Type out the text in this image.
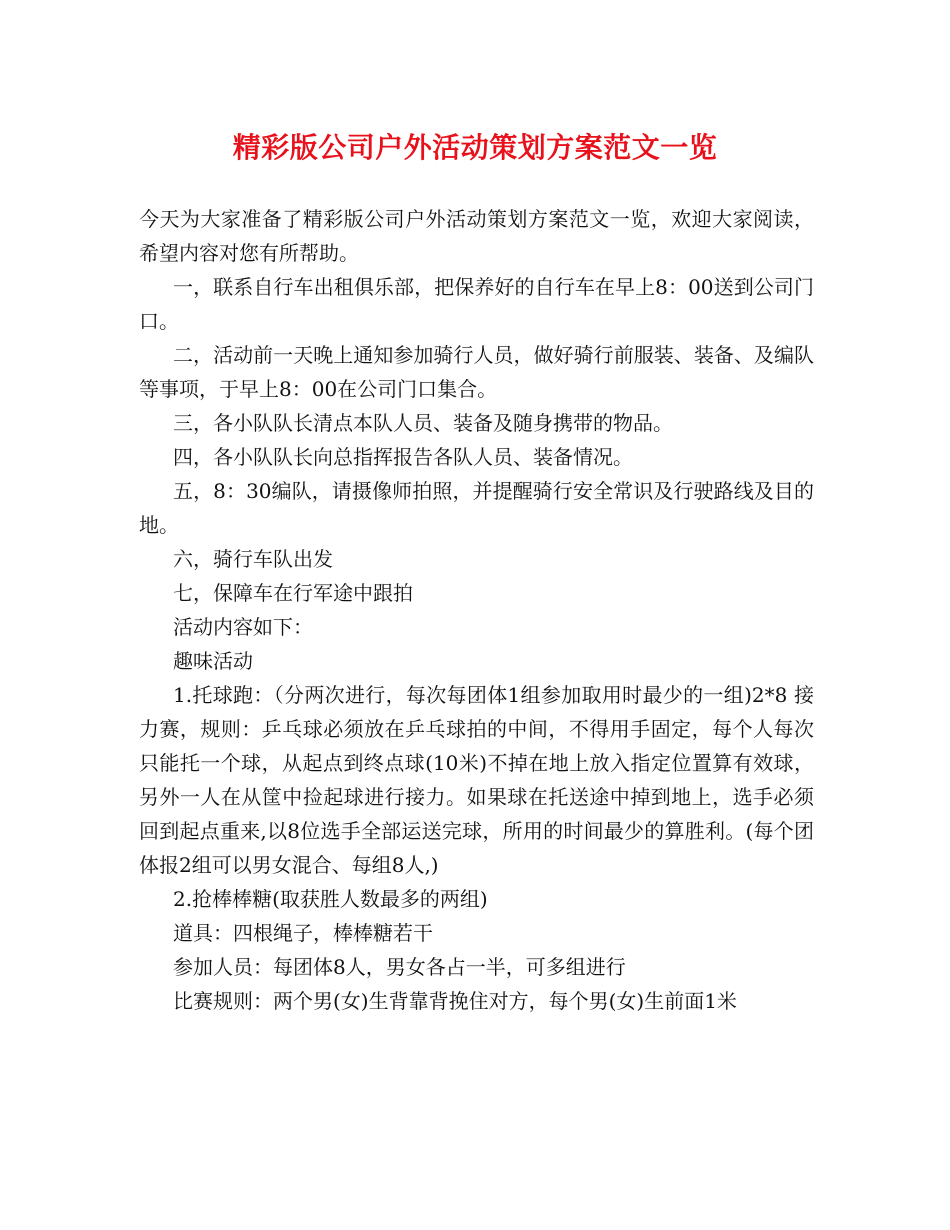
精彩版公司户外活动策划方案范文一览

今天为大家准备了精彩版公司户外活动策划方案范文一览，欢迎大家阅读，希望内容对您有所帮助。

一，联系自行车出租俱乐部，把保养好的自行车在早上8：00送到公司门口。

二，活动前一天晚上通知参加骑行人员，做好骑行前服装、装备、及编队等事项，于早上8：00在公司门口集合。

三，各小队队长清点本队人员、装备及随身携带的物品。

四，各小队队长向总指挥报告各队人员、装备情况。

五，8：30编队，请摄像师拍照，并提醒骑行安全常识及行驶路线及目的地。

六，骑行车队出发

七，保障车在行军途中跟拍

活动内容如下：

趣味活动

1.托球跑：（分两次进行，每次每团体1组参加取用时最少的一组)2*8 接力赛，规则：乒乓球必须放在乒乓球拍的中间，不得用手固定，每个人每次只能托一个球，从起点到终点球(10米)不掉在地上放入指定位置算有效球，另外一人在从筐中捡起球进行接力。如果球在托送途中掉到地上，选手必须回到起点重来,以8位选手全部运送完球，所用的时间最少的算胜利。(每个团体报2组可以男女混合、每组8人,)

2.抢棒棒糖(取获胜人数最多的两组)

道具：四根绳子，棒棒糖若干

参加人员：每团体8人，男女各占一半，可多组进行

比赛规则：两个男(女)生背靠背挽住对方，每个男(女)生前面1米
